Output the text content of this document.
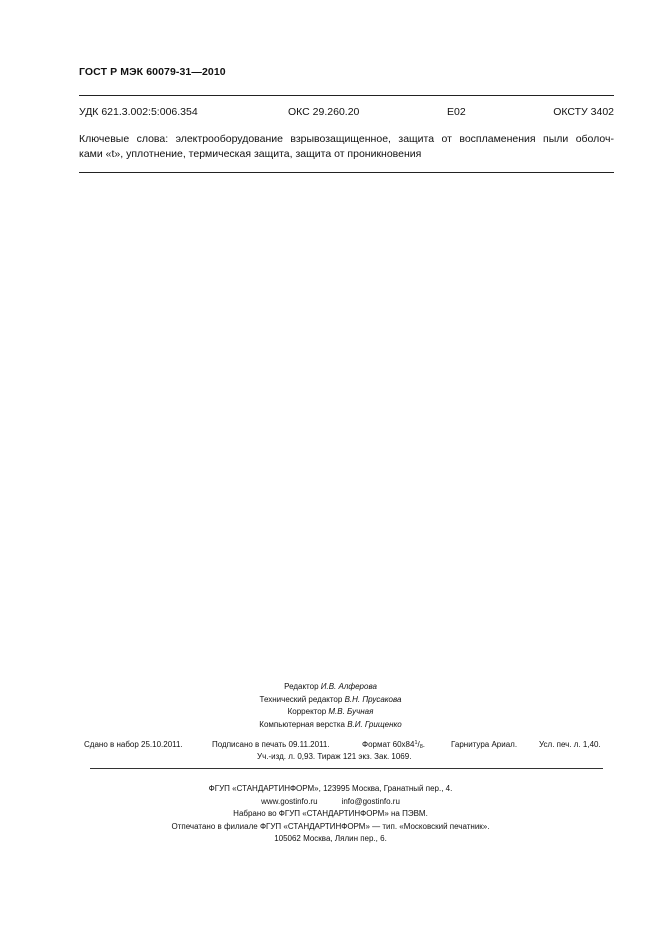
ГОСТ Р МЭК 60079-31—2010
УДК 621.3.002:5:006.354	ОКС 29.260.20	Е02	ОКСТУ 3402
Ключевые слова: электрооборудование взрывозащищенное, защита от воспламенения пыли оболоч-
ками «t», уплотнение, термическая защита, защита от проникновения
Редактор И.В. Алферова
Технический редактор В.Н. Прусакова
Корректор М.В. Бучная
Компьютерная верстка В.И. Грищенко
Сдано в набор 25.10.2011.	Подписано в печать 09.11.2011.	Формат $60х84^1/8$.	Гарнитура Ариал.	Усл. печ. л. 1,40.
Уч.-изд. л. 0,93. Тираж 121 экз. Зак. 1069.
ФГУП «СТАНДАРТИНФОРМ», 123995 Москва, Гранатный пер., 4.
www.gostinfo.ru	info@gostinfo.ru
Набрано во ФГУП «СТАНДАРТИНФОРМ» на ПЭВМ.
Отпечатано в филиале ФГУП «СТАНДАРТИНФОРМ» — тип. «Московский печатник».
105062 Москва, Лялин пер., 6.
